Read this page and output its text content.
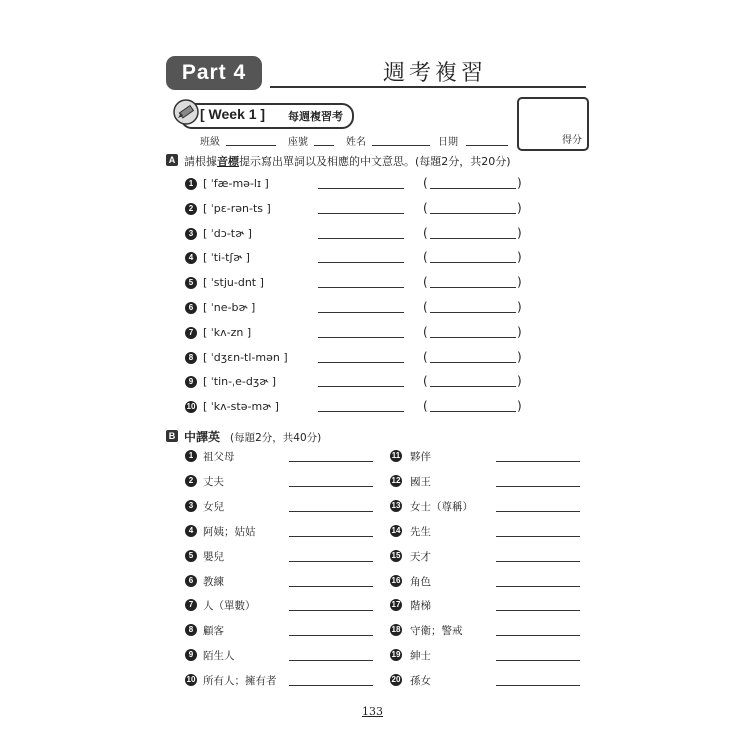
Part 4	週考複習
[ Week 1 ] 每週複習考
得分
班級	座號	姓名	日期
A 請根據音標提示寫出單詞以及相應的中文意思。(每題2分，共20分)
1 [ ˈfæ-mə-lɪ ]	(	)
2 [ ˈpɛ-rən-ts ]	(	)
3 [ ˈdɔ-tɚ ]	(	)
4 [ ˈti-tʃɚ ]	(	)
5 [ ˈstju-dnt ]	(	)
6 [ ˈne-bɚ ]	(	)
7 [ ˈkʌ-zn ]	(	)
8 [ ˈdʒɛn-tl-mən ]	(	)
9 [ ˈtin-ˌe-dʒɚ ]	(	)
10 [ ˈkʌ-stə-mɚ ]	(	)
B 中譯英 (每題2分，共40分)
1 祖父母
2 丈夫
3 女兒
4 阿姨；姑姑
5 嬰兒
6 教練
7 人（單數）
8 顧客
9 陌生人
10 所有人；擁有者
11 夥伴
12 國王
13 女士（尊稱）
14 先生
15 天才
16 角色
17 階梯
18 守衛；警戒
19 紳士
20 孫女
133
